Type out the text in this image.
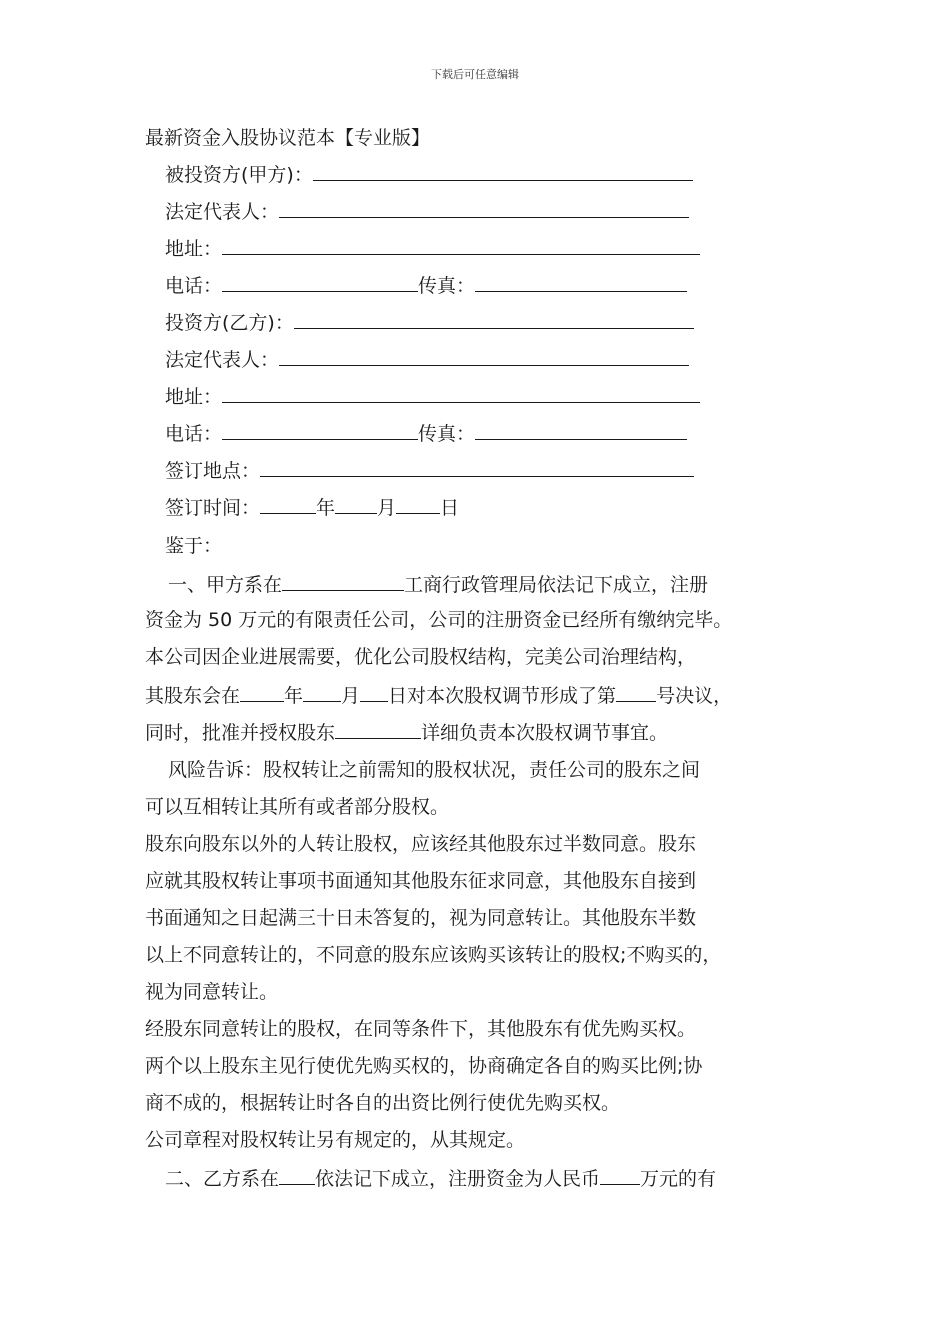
下载后可任意编辑
最新资金入股协议范本【专业版】
被投资方(甲方)：
法定代表人：
地址：
电话：	传真：
投资方(乙方)：
法定代表人：
地址：
电话：	传真：
签订地点：
签订时间：	年 月 日
鉴于：
一、甲方系在	工商行政管理局依法记下成立，注册
资金为 50 万元的有限责任公司，公司的注册资金已经所有缴纳完毕。
本公司因企业进展需要，优化公司股权结构，完美公司治理结构，
其股东会在 年 月 日对本次股权调节形成了第 号决议，
同时，批准并授权股东	详细负责本次股权调节事宜。
风险告诉：股权转让之前需知的股权状况，责任公司的股东之间
可以互相转让其所有或者部分股权。
股东向股东以外的人转让股权，应该经其他股东过半数同意。股东
应就其股权转让事项书面通知其他股东征求同意，其他股东自接到
书面通知之日起满三十日未答复的，视为同意转让。其他股东半数
以上不同意转让的，不同意的股东应该购买该转让的股权;不购买的，
视为同意转让。
经股东同意转让的股权，在同等条件下，其他股东有优先购买权。
两个以上股东主见行使优先购买权的，协商确定各自的购买比例;协
商不成的，根据转让时各自的出资比例行使优先购买权。
公司章程对股权转让另有规定的，从其规定。
二、乙方系在 依法记下成立，注册资金为人民币 万元的有
